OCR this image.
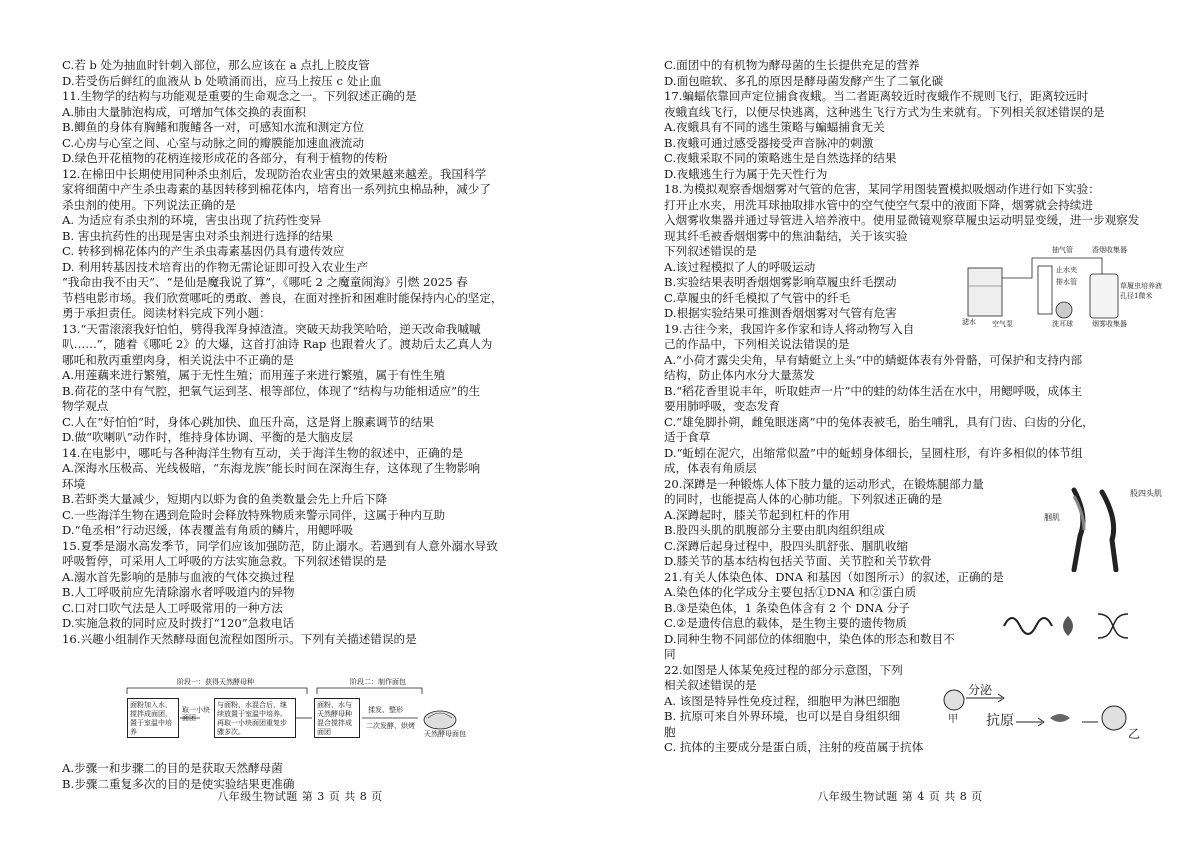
C.若 b 处为抽血时针刺入部位，那么应该在 a 点扎上胶皮管
D.若受伤后鲜红的血液从 b 处喷涌而出，应马上按压 c 处止血
11.生物学的结构与功能观是重要的生命观念之一。下列叙述正确的是
A.肺由大量肺泡构成，可增加气体交换的表面积
B.鲫鱼的身体有胸鳍和腹鳍各一对，可感知水流和测定方位
C.心房与心室之间、心室与动脉之间的瓣膜能加速血液流动
D.绿色开花植物的花柄连接形成花的各部分，有利于植物的传粉
12.在棉田中长期使用同种杀虫剂后，发现防治农业害虫的效果越来越差。我国科学
家将细菌中产生杀虫毒素的基因转移到棉花体内，培育出一系列抗虫棉品种，减少了
杀虫剂的使用。下列说法正确的是
A. 为适应有杀虫剂的环境，害虫出现了抗药性变异
B. 害虫抗药性的出现是害虫对杀虫剂进行选择的结果
C. 转移到棉花体内的产生杀虫毒素基因仍具有遗传效应
D. 利用转基因技术培育出的作物无需论证即可投入农业生产
“我命由我不由天”、“是仙是魔我说了算”，《哪吒 2 之魔童闹海》引燃 2025 春
节档电影市场。我们欣赏哪吒的勇敢、善良，在面对挫折和困难时能保持内心的坚定，
勇于承担责任。阅读材料完成下列小题：
13.“天雷滚滚我好怕怕，劈得我浑身掉渣渣。突破天劫我笑哈哈，逆天改命我嘁嘁
叭……”，随着《哪吒 2》的大爆，这首打油诗 Rap 也跟着火了。渡劫后太乙真人为
哪吒和敖丙重塑肉身，相关说法中不正确的是
A.用莲藕来进行繁殖，属于无性生殖；而用莲子来进行繁殖，属于有性生殖
B.荷花的茎中有气腔，把氧气运到茎、根等部位，体现了“结构与功能相适应”的生
物学观点
C.人在“好怕怕”时，身体心跳加快、血压升高，这是肾上腺素调节的结果
D.做“吹喇叭”动作时，维持身体协调、平衡的是大脑皮层
14.在电影中，哪吒与各种海洋生物有互动，关于海洋生物的叙述中，正确的是
A.深海水压极高、光线极暗，“东海龙族”能长时间在深海生存，这体现了生物影响
环境
B.若虾类大量减少，短期内以虾为食的鱼类数量会先上升后下降
C.一些海洋生物在遇到危险时会释放特殊物质来警示同伴，这属于种内互助
D.“龟丞相”行动迟缓，体表覆盖有角质的鳞片，用鳃呼吸
15.夏季是溺水高发季节，同学们应该加强防范，防止溺水。若遇到有人意外溺水导致
呼吸暂停，可采用人工呼吸的方法实施急救。下列叙述错误的是
A.溺水首先影响的是肺与血液的气体交换过程
B.人工呼吸前应先清除溺水者呼吸道内的异物
C.口对口吹气法是人工呼吸常用的一种方法
D.实施急救的同时应及时拨打“120”急救电话
16.兴趣小组制作天然酵母面包流程如图所示。下列有关描述错误的是
阶段一：获得天然酵母种	阶段二：制作面包
面粉加入水，搅拌成面团，置于室温中培养
取一小块面团
与面粉、水混合后，继续放置于室温中培养。再取一小块面团重复步骤多次。
面粉、水与天然酵母种混合搅拌成面团
揉发、整形
二次发酵、烘烤
天然酵母面包
A.步骤一和步骤二的目的是获取天然酵母菌
B.步骤二重复多次的目的是使实验结果更准确
八年级生物试题 第 3 页 共 8 页
C.面团中的有机物为酵母菌的生长提供充足的营养
D.面包暄软、多孔的原因是酵母菌发酵产生了二氧化碳
17.蝙蝠依靠回声定位捕食夜蛾。当二者距离较近时夜蛾作不规则飞行，距离较远时
夜蛾直线飞行，以便尽快逃离，这种逃生飞行方式为生来就有。下列相关叙述错误的是
A.夜蛾具有不同的逃生策略与蝙蝠捕食无关
B.夜蛾可通过感受器接受声音脉冲的刺激
C.夜蛾采取不同的策略逃生是自然选择的结果
D.夜蛾逃生行为属于先天性行为
18.为模拟观察香烟烟雾对气管的危害，某同学用图装置模拟吸烟动作进行如下实验：
打开止水夹，用洗耳球抽取排水管中的空气使空气泵中的液面下降，烟雾就会持续进
入烟雾收集器并通过导管进入培养液中。使用显微镜观察草履虫运动明显变缓，进一步观察发
现其纤毛被香烟烟雾中的焦油黏结，关于该实验
下列叙述错误的是
A.该过程模拟了人的呼吸运动
B.实验结果表明香烟烟雾影响草履虫纤毛摆动
C.草履虫的纤毛模拟了气管中的纤毛
D.根据实验结果可推测香烟烟雾对气管有危害
19.古往今来，我国许多作家和诗人将动物写入自
己的作品中，下列相关说法错误的是
A.“小荷才露尖尖角，早有蜻蜓立上头”中的蜻蜓体表有外骨骼，可保护和支持内部
结构，防止体内水分大量蒸发
B.“稻花香里说丰年，听取蛙声一片”中的蛙的幼体生活在水中，用鳃呼吸，成体主
要用肺呼吸，变态发育
C.“雄兔脚扑朔，雌兔眼迷离”中的兔体表被毛，胎生哺乳，具有门齿、臼齿的分化，
适于食草
D.“蚯蚓在泥穴，出缩常似盈”中的蚯蚓身体细长，呈圆柱形，有许多相似的体节组
成，体表有角质层
20.深蹲是一种锻炼人体下肢力量的运动形式，在锻炼腿部力量
的同时，也能提高人体的心肺功能。下列叙述正确的是
A.深蹲起时，膝关节起到杠杆的作用
B.股四头肌的肌腹部分主要由肌肉组织组成
C.深蹲后起身过程中，股四头肌舒张、腘肌收缩
D.膝关节的基本结构包括关节面、关节腔和关节软骨
21.有关人体染色体、DNA 和基因（如图所示）的叙述，正确的是
A.染色体的化学成分主要包括①DNA 和②蛋白质
B.③是染色体，1 条染色体含有 2 个 DNA 分子
C.②是遗传信息的载体，是生物主要的遗传物质
D.同种生物不同部位的体细胞中，染色体的形态和数目不
同
22.如图是人体某免疫过程的部分示意图，下列
相关叙述错误的是
A. 该图是特异性免疫过程，细胞甲为淋巴细胞
B. 抗原可来自外界环境，也可以是自身组织细
胞
C. 抗体的主要成分是蛋白质，注射的疫苗属于抗体
抽气管	香烟收集器
止水夹
排水管	草履虫培养液
孔径1微米
滤水 空气泵	洗耳球	烟雾收集器
股四头肌
腘肌
分泌
抗原
甲
乙
八年级生物试题 第 4 页 共 8 页
